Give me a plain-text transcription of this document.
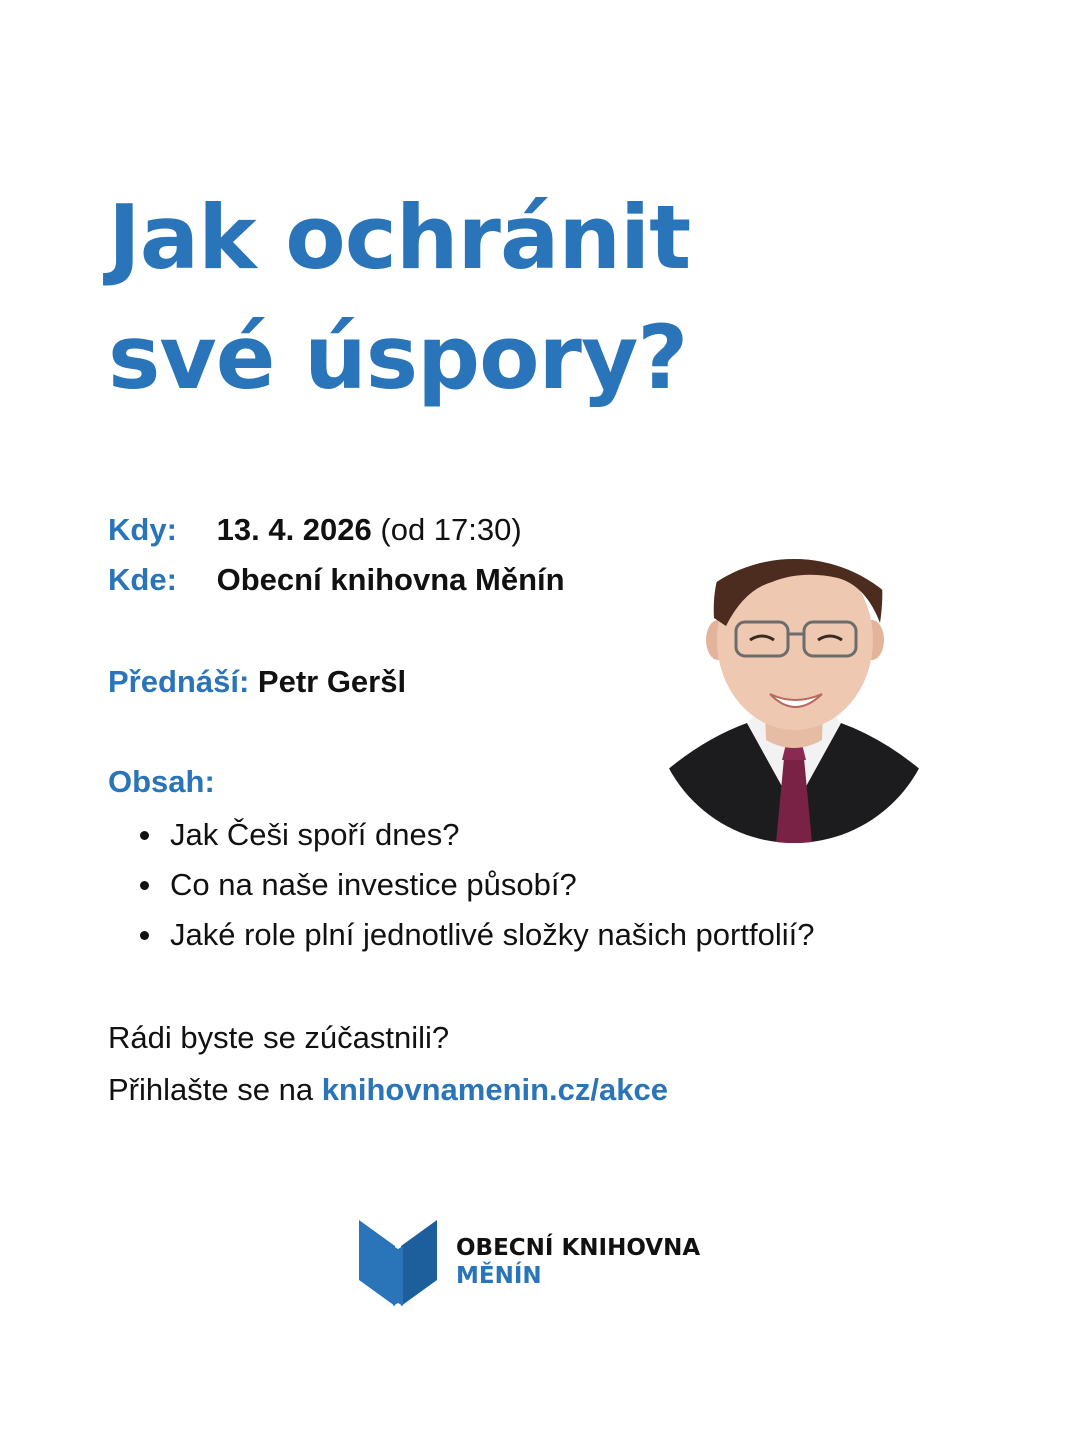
Jak ochránit
své úspory?
Kdy: 13. 4. 2026 (od 17:30)
Kde: Obecní knihovna Měnín
Přednáší: Petr Geršl
Obsah:
Jak Češi spoří dnes?
Co na naše investice působí?
Jaké role plní jednotlivé složky našich portfolií?
Rádi byste se zúčastnili?
Přihlašte se na knihovnamenin.cz/akce
OBECNÍ KNIHOVNA
MĚNÍN
